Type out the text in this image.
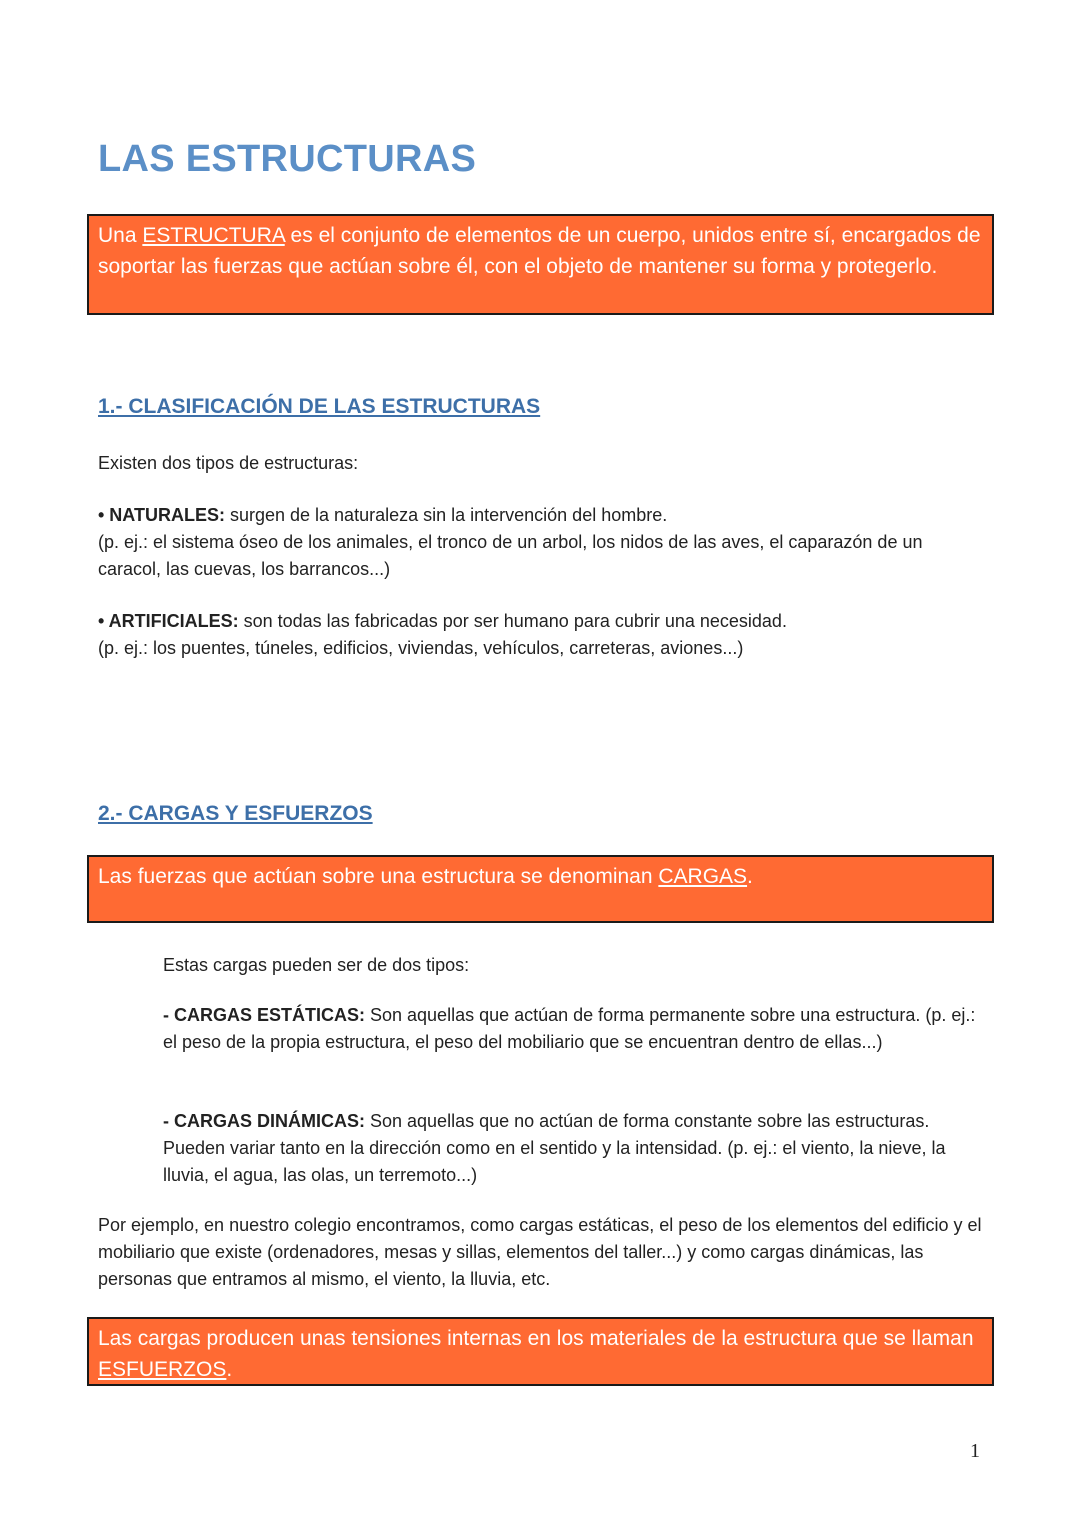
LAS ESTRUCTURAS
Una ESTRUCTURA es el conjunto de elementos de un cuerpo, unidos entre sí, encargados de soportar las fuerzas que actúan sobre él, con el objeto de mantener su forma y protegerlo.
1.- CLASIFICACIÓN DE LAS ESTRUCTURAS

Existen dos tipos de estructuras:

• NATURALES: surgen de la naturaleza sin la intervención del hombre.

(p. ej.: el sistema óseo de los animales, el tronco de un arbol, los nidos de las aves, el caparazón de un caracol, las cuevas, los barrancos...)

• ARTIFICIALES: son todas las fabricadas por ser humano para cubrir una necesidad.

(p. ej.: los puentes, túneles, edificios, viviendas, vehículos, carreteras, aviones...)

2.- CARGAS Y ESFUERZOS
Las fuerzas que actúan sobre una estructura se denominan CARGAS.

Estas cargas pueden ser de dos tipos:

- CARGAS ESTÁTICAS: Son aquellas que actúan de forma permanente sobre una estructura. (p. ej.: el peso de la propia estructura, el peso del mobiliario que se encuentran dentro de ellas...)

- CARGAS DINÁMICAS: Son aquellas que no actúan de forma constante sobre las estructuras. Pueden variar tanto en la dirección como en el sentido y la intensidad. (p. ej.: el viento, la nieve, la lluvia, el agua, las olas, un terremoto...)

Por ejemplo, en nuestro colegio encontramos, como cargas estáticas, el peso de los elementos del edificio y el mobiliario que existe (ordenadores, mesas y sillas, elementos del taller...) y como cargas dinámicas, las personas que entramos al mismo, el viento, la lluvia, etc.

Las cargas producen unas tensiones internas en los materiales de la estructura que se llaman ESFUERZOS.
1
